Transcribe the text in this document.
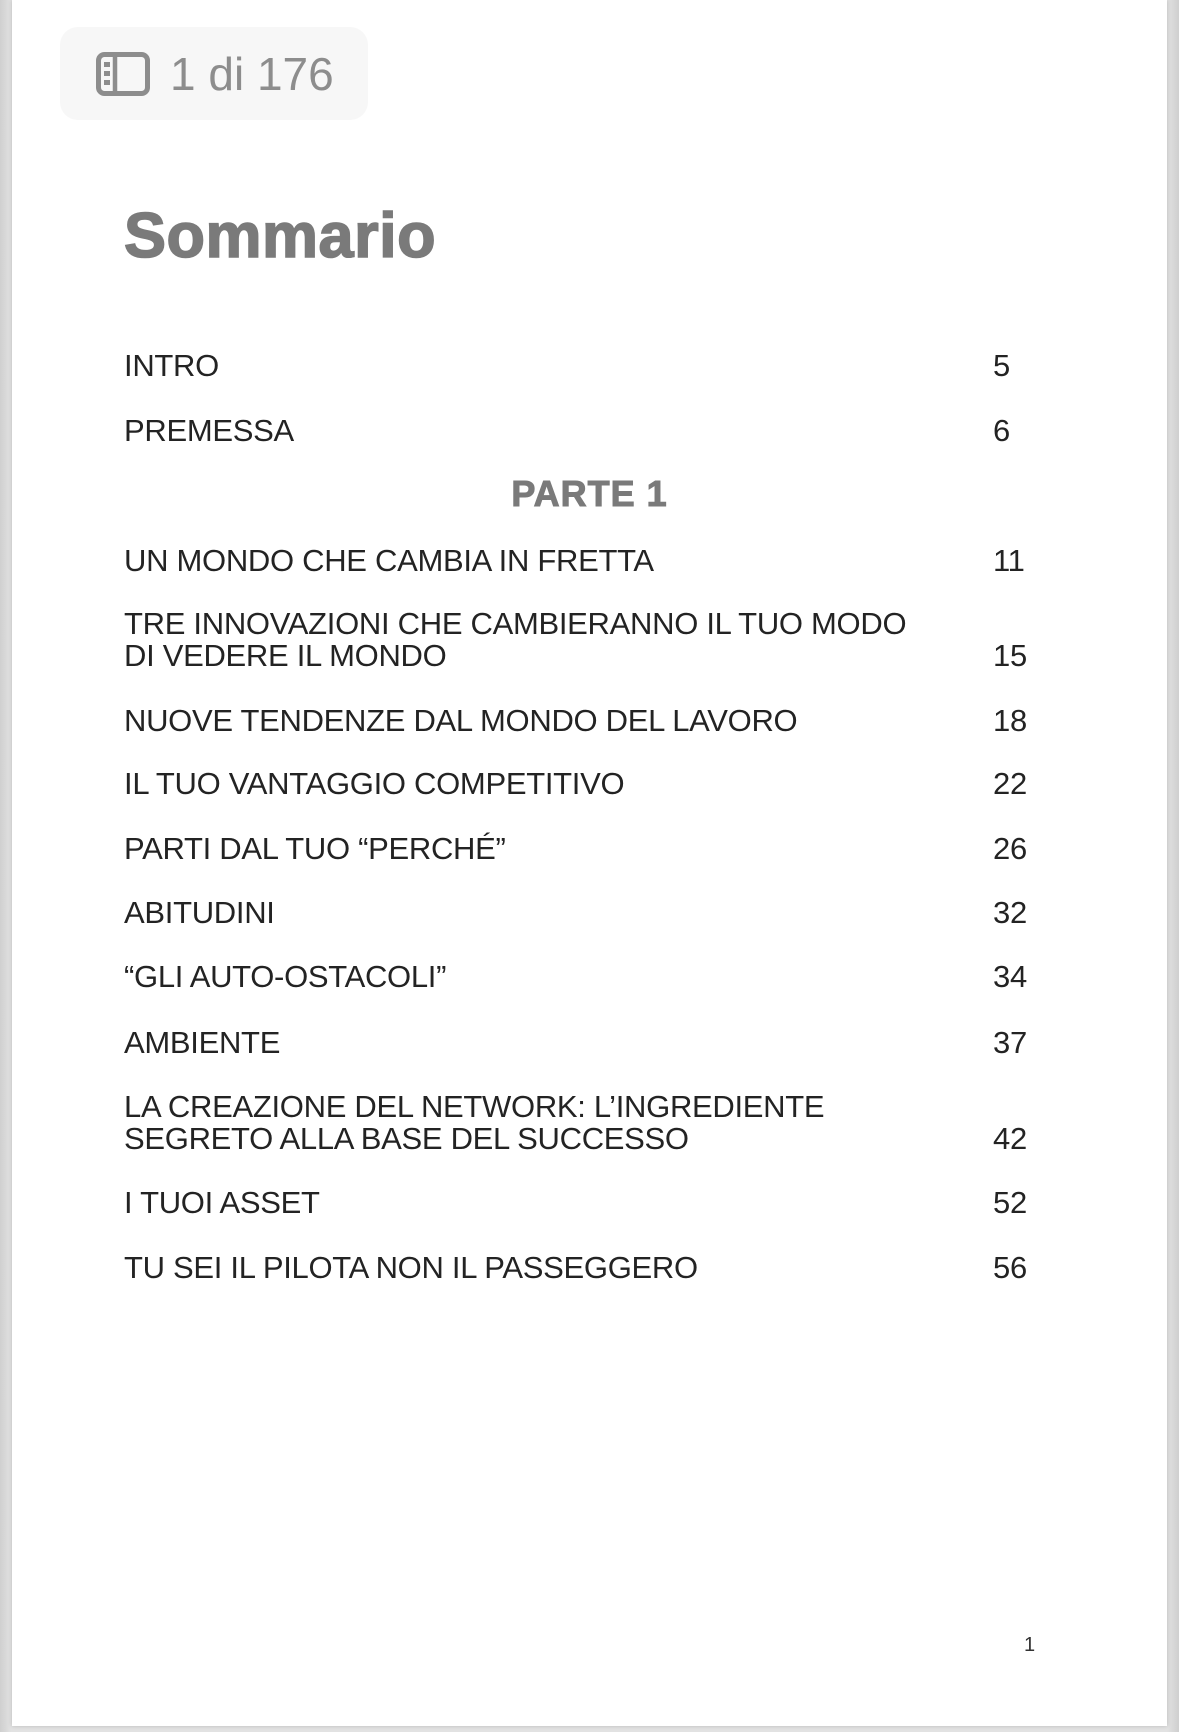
1 di 176
Sommario
INTRO	5
PREMESSA	6
PARTE 1
UN MONDO CHE CAMBIA IN FRETTA	11
TRE INNOVAZIONI CHE CAMBIERANNO IL TUO MODO
DI VEDERE IL MONDO	15
NUOVE TENDENZE DAL MONDO DEL LAVORO	18
IL TUO VANTAGGIO COMPETITIVO	22
PARTI DAL TUO “PERCHÉ”	26
ABITUDINI	32
“GLI AUTO-OSTACOLI”	34
AMBIENTE	37
LA CREAZIONE DEL NETWORK: L’INGREDIENTE
SEGRETO ALLA BASE DEL SUCCESSO	42
I TUOI ASSET	52
TU SEI IL PILOTA NON IL PASSEGGERO	56
1
